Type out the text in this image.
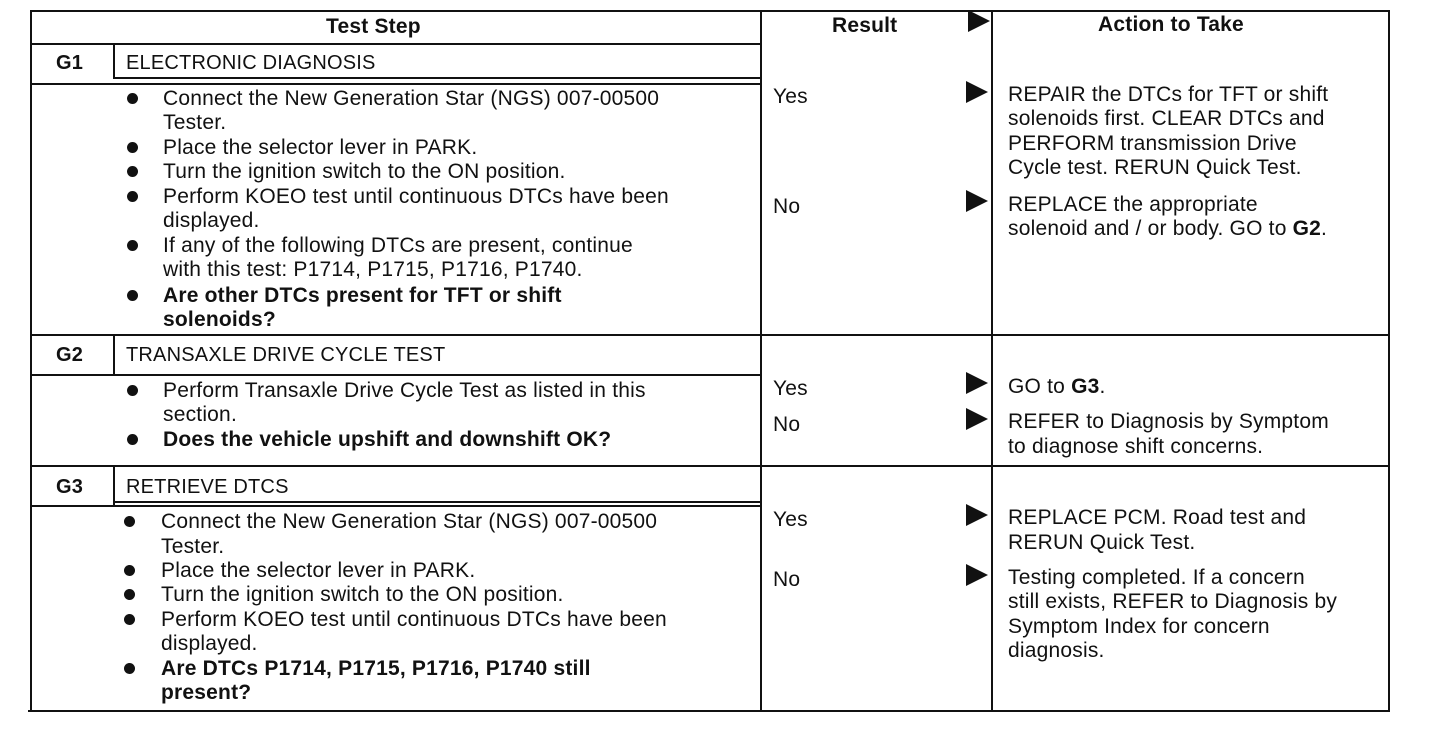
Test Step	Result	Action to Take
G1 ELECTRONIC DIAGNOSIS
Connect the New Generation Star (NGS) 007-00500
Tester.
Place the selector lever in PARK.
Turn the ignition switch to the ON position.
Perform KOEO test until continuous DTCs have been
displayed.
If any of the following DTCs are present, continue
with this test: P1714, P1715, P1716, P1740.
Are other DTCs present for TFT or shift
solenoids?
Yes	REPAIR the DTCs for TFT or shift
solenoids first. CLEAR DTCs and
PERFORM transmission Drive
Cycle test. RERUN Quick Test.
No	REPLACE the appropriate
solenoid and / or body. GO to G2.
G2 TRANSAXLE DRIVE CYCLE TEST
Perform Transaxle Drive Cycle Test as listed in this
section.
Does the vehicle upshift and downshift OK?
Yes	GO to G3.
No	REFER to Diagnosis by Symptom
to diagnose shift concerns.
G3 RETRIEVE DTCS
Connect the New Generation Star (NGS) 007-00500
Tester.
Place the selector lever in PARK.
Turn the ignition switch to the ON position.
Perform KOEO test until continuous DTCs have been
displayed.
Are DTCs P1714, P1715, P1716, P1740 still
present?
Yes	REPLACE PCM. Road test and
RERUN Quick Test.
No	Testing completed. If a concern
still exists, REFER to Diagnosis by
Symptom Index for concern
diagnosis.
